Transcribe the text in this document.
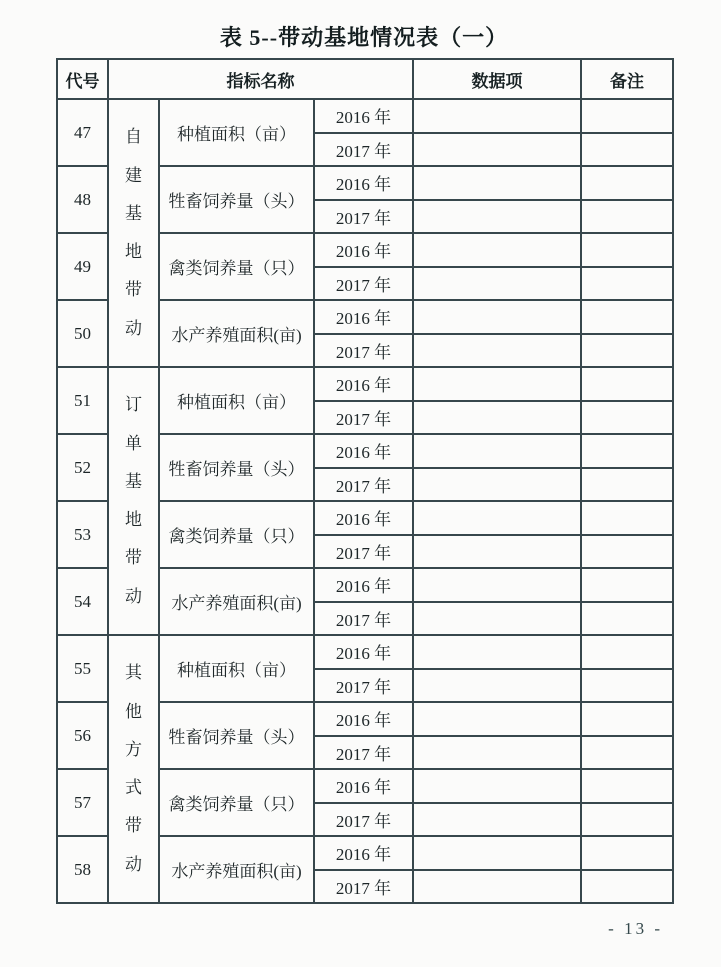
表 5--带动基地情况表（一）
代号	指标名称			数据项	备注
47	自建基地带动	种植面积（亩）	2016 年		
			2017 年		
48		牲畜饲养量（头）	2016 年		
			2017 年		
49		禽类饲养量（只）	2016 年		
			2017 年		
50		水产养殖面积(亩)	2016 年		
			2017 年		
51	订单基地带动	种植面积（亩）	2016 年		
			2017 年		
52		牲畜饲养量（头）	2016 年		
			2017 年		
53		禽类饲养量（只）	2016 年		
			2017 年		
54		水产养殖面积(亩)	2016 年		
			2017 年		
55	其他方式带动	种植面积（亩）	2016 年		
			2017 年		
56		牲畜饲养量（头）	2016 年		
			2017 年		
57		禽类饲养量（只）	2016 年		
			2017 年		
58		水产养殖面积(亩)	2016 年		
			2017 年		
- 13 -
